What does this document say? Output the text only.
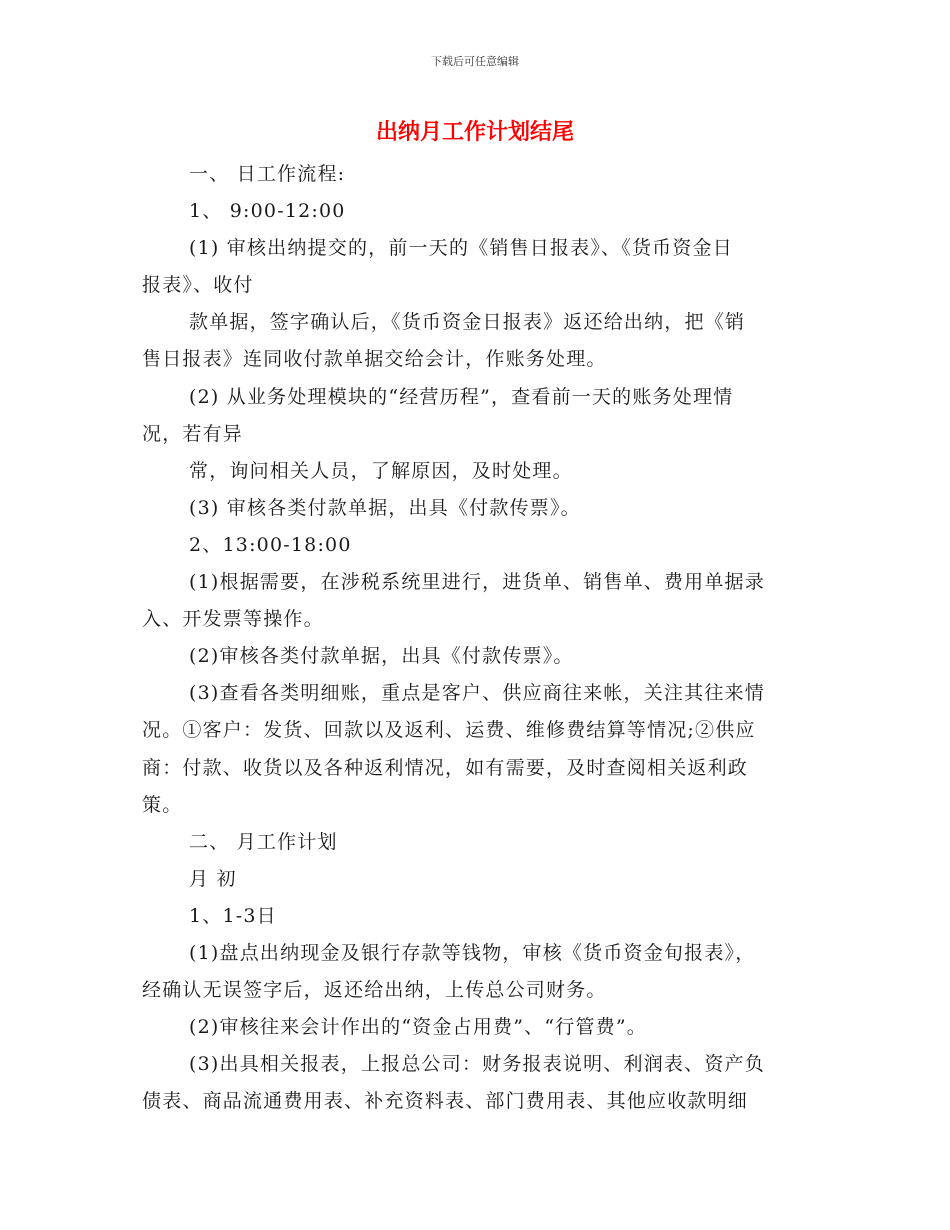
下载后可任意编辑
出纳月工作计划结尾
一、 日工作流程:
1、 9:00-12:00
(1) 审核出纳提交的，前一天的《销售日报表》、《货币资金日
报表》、收付
款单据，签字确认后，《货币资金日报表》返还给出纳，把《销
售日报表》连同收付款单据交给会计，作账务处理。
(2) 从业务处理模块的“经营历程”，查看前一天的账务处理情
况，若有异
常，询问相关人员，了解原因，及时处理。
(3) 审核各类付款单据，出具《付款传票》。
2、13:00-18:00
(1)根据需要，在涉税系统里进行，进货单、销售单、费用单据录
入、开发票等操作。
(2)审核各类付款单据，出具《付款传票》。
(3)查看各类明细账，重点是客户、供应商往来帐，关注其往来情
况。①客户：发货、回款以及返利、运费、维修费结算等情况;②供应
商：付款、收货以及各种返利情况，如有需要，及时查阅相关返利政
策。
二、 月工作计划
月 初
1、1-3日
(1)盘点出纳现金及银行存款等钱物，审核《货币资金旬报表》，
经确认无误签字后，返还给出纳，上传总公司财务。
(2)审核往来会计作出的“资金占用费”、“行管费”。
(3)出具相关报表，上报总公司：财务报表说明、利润表、资产负
债表、商品流通费用表、补充资料表、部门费用表、其他应收款明细
